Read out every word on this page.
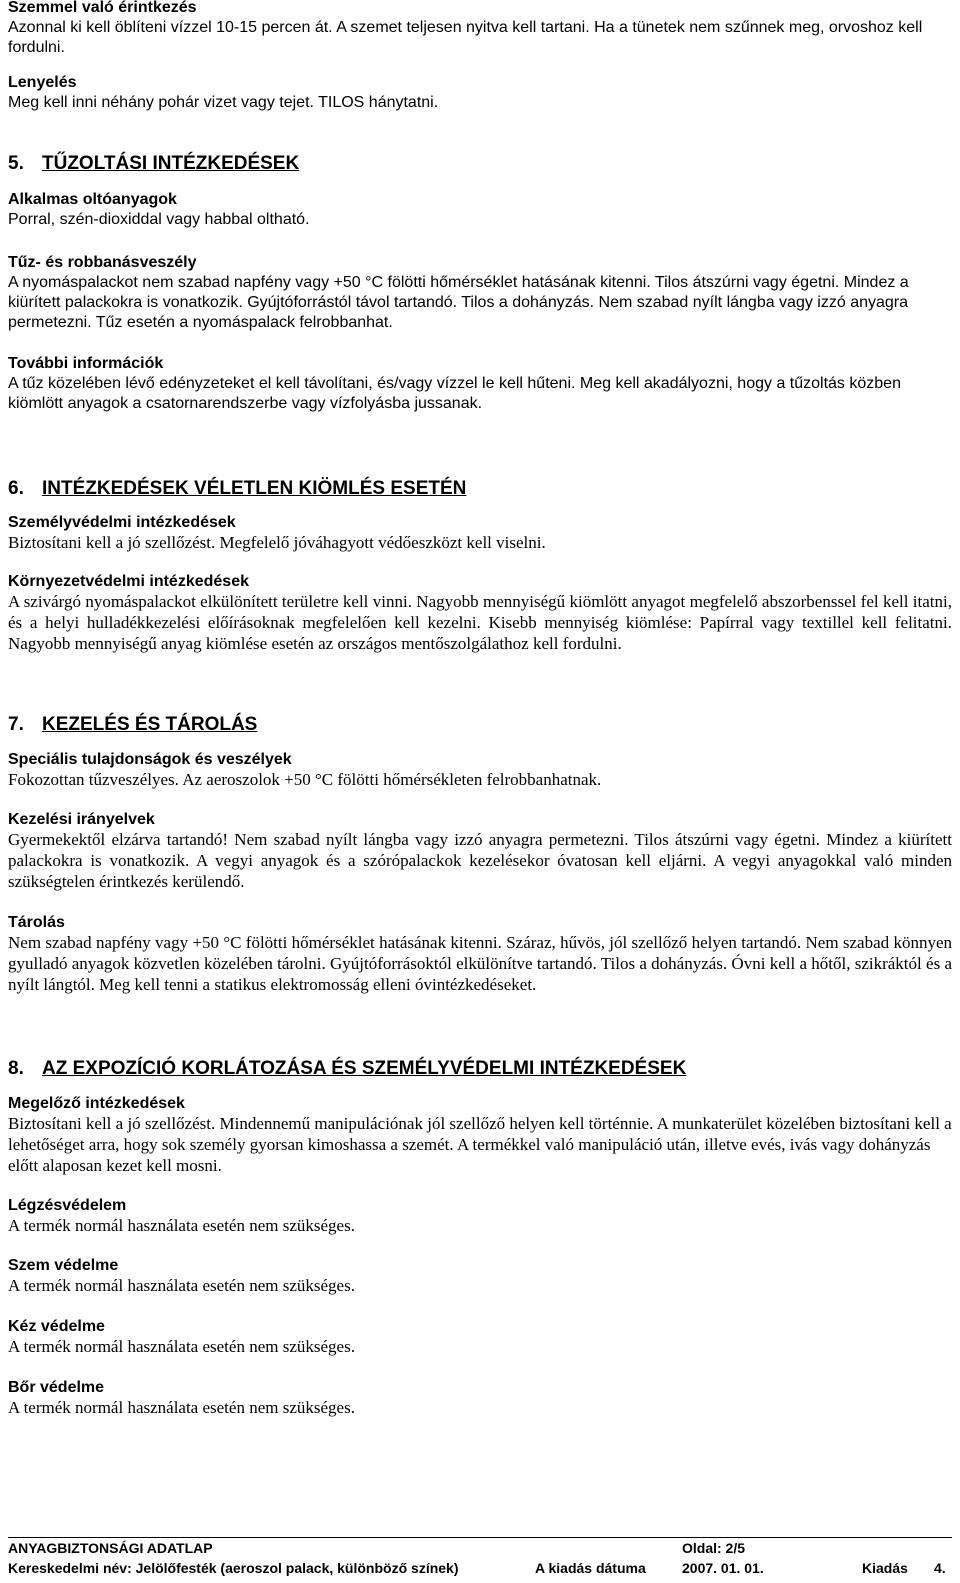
Szemmel való érintkezés
Azonnal ki kell öblíteni vízzel 10-15 percen át. A szemet teljesen nyitva kell tartani. Ha a tünetek nem szűnnek meg, orvoshoz kell fordulni.
Lenyelés
Meg kell inni néhány pohár vizet vagy tejet. TILOS hánytatni.
5. TŰZOLTÁSI INTÉZKEDÉSEK
Alkalmas oltóanyagok
Porral, szén-dioxiddal vagy habbal oltható.
Tűz- és robbanásveszély
A nyomáspalackot nem szabad napfény vagy +50 °C fölötti hőmérséklet hatásának kitenni. Tilos átszúrni vagy égetni. Mindez a kiürített palackokra is vonatkozik. Gyújtóforrástól távol tartandó. Tilos a dohányzás. Nem szabad nyílt lángba vagy izzó anyagra permetezni. Tűz esetén a nyomáspalack felrobbanhat.
További információk
A tűz közelében lévő edényzeteket el kell távolítani, és/vagy vízzel le kell hűteni. Meg kell akadályozni, hogy a tűzoltás közben kiömlött anyagok a csatornarendszerbe vagy vízfolyásba jussanak.
6. INTÉZKEDÉSEK VÉLETLEN KIÖMLÉS ESETÉN
Személyvédelmi intézkedések
Biztosítani kell a jó szellőzést. Megfelelő jóváhagyott védőeszközt kell viselni.
Környezetvédelmi intézkedések
A szivárgó nyomáspalackot elkülönített területre kell vinni. Nagyobb mennyiségű kiömlött anyagot megfelelő abszorbenssel fel kell itatni, és a helyi hulladékkezelési előírásoknak megfelelően kell kezelni. Kisebb mennyiség kiömlése: Papírral vagy textillel kell felitatni. Nagyobb mennyiségű anyag kiömlése esetén az országos mentőszolgálathoz kell fordulni.
7. KEZELÉS ÉS TÁROLÁS
Speciális tulajdonságok és veszélyek
Fokozottan tűzveszélyes. Az aeroszolok +50 °C fölötti hőmérsékleten felrobbanhatnak.
Kezelési irányelvek
Gyermekektől elzárva tartandó! Nem szabad nyílt lángba vagy izzó anyagra permetezni. Tilos átszúrni vagy égetni. Mindez a kiürített palackokra is vonatkozik. A vegyi anyagok és a szórópalackok kezelésekor óvatosan kell eljárni. A vegyi anyagokkal való minden szükségtelen érintkezés kerülendő.
Tárolás
Nem szabad napfény vagy +50 °C fölötti hőmérséklet hatásának kitenni. Száraz, hűvös, jól szellőző helyen tartandó. Nem szabad könnyen gyulladó anyagok közvetlen közelében tárolni. Gyújtóforrásoktól elkülönítve tartandó. Tilos a dohányzás. Óvni kell a hőtől, szikráktól és a nyílt lángtól. Meg kell tenni a statikus elektromosság elleni óvintézkedéseket.
8. AZ EXPOZÍCIÓ KORLÁTOZÁSA ÉS SZEMÉLYVÉDELMI INTÉZKEDÉSEK
Megelőző intézkedések
Biztosítani kell a jó szellőzést. Mindennemű manipulációnak jól szellőző helyen kell történnie. A munkaterület közelében biztosítani kell a lehetőséget arra, hogy sok személy gyorsan kimoshassa a szemét. A termékkel való manipuláció után, illetve evés, ivás vagy dohányzás előtt alaposan kezet kell mosni.
Légzésvédelem
A termék normál használata esetén nem szükséges.
Szem védelme
A termék normál használata esetén nem szükséges.
Kéz védelme
A termék normál használata esetén nem szükséges.
Bőr védelme
A termék normál használata esetén nem szükséges.
ANYAGBIZTONSÁGI ADATLAP	Oldal: 2/5
Kereskedelmi név: Jelölőfesték (aeroszol palack, különböző színek)	A kiadás dátuma	2007. 01. 01.	Kiadás 4.
